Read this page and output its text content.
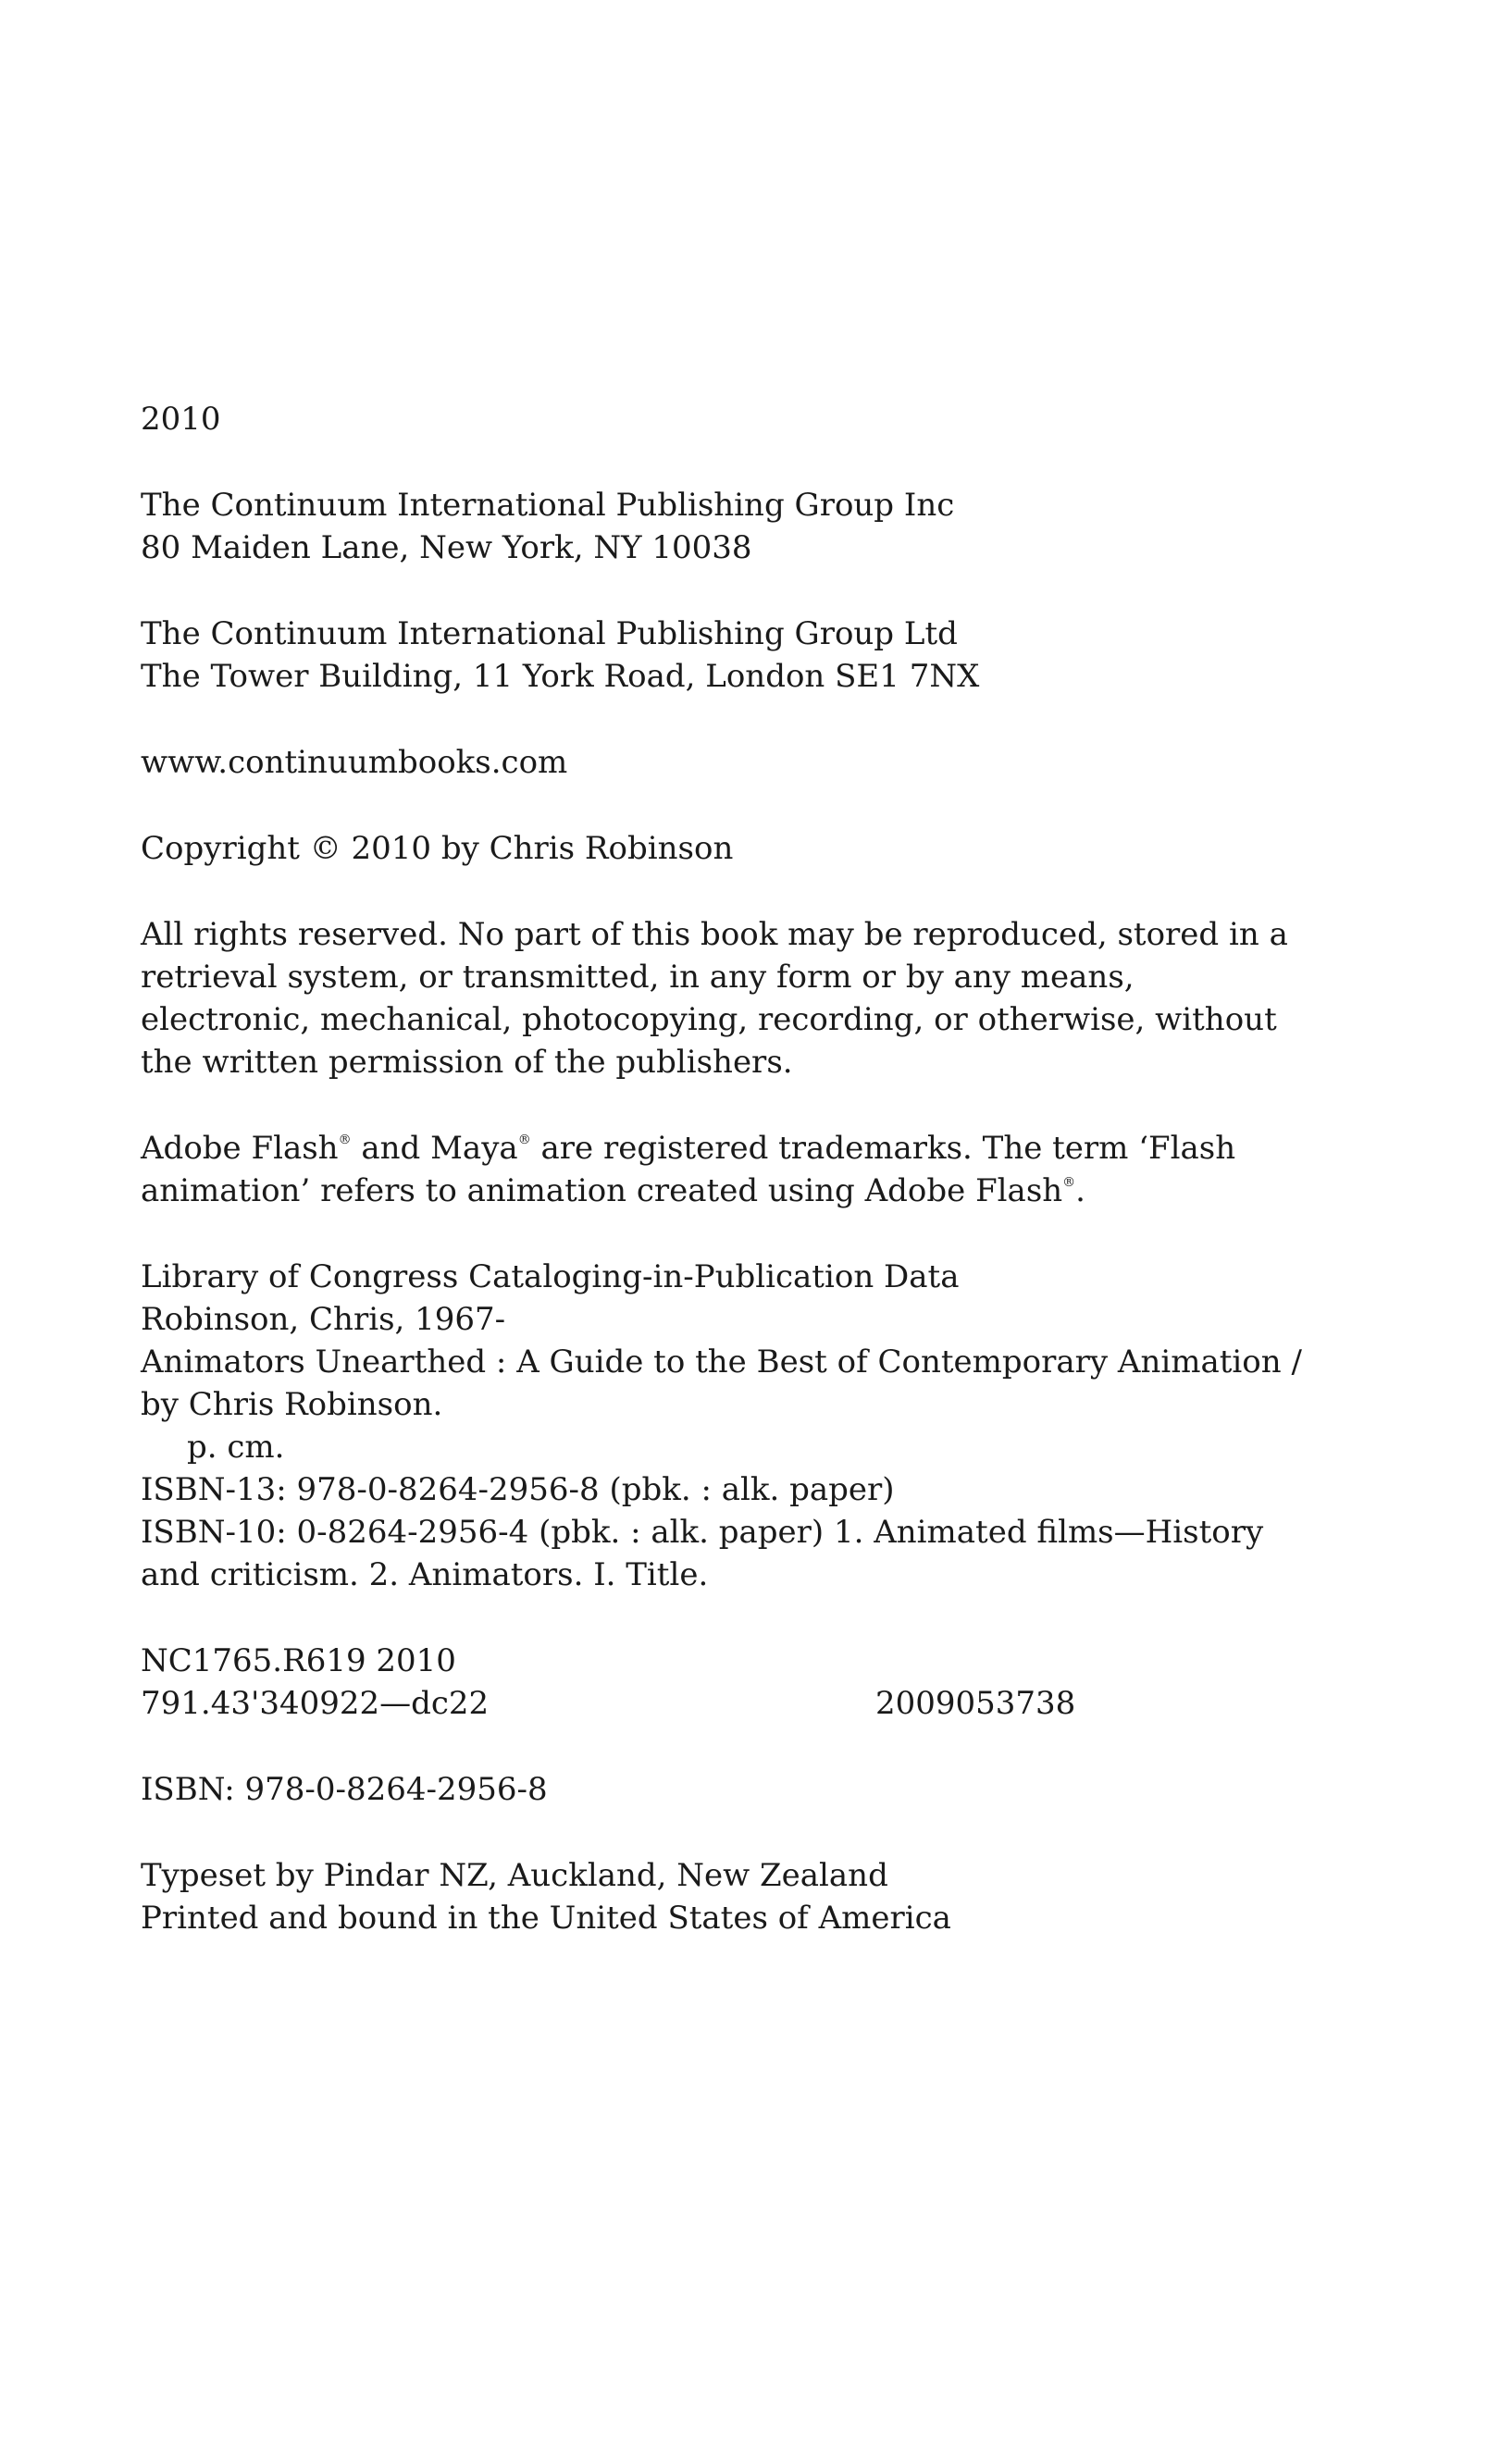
2010
The Continuum International Publishing Group Inc
80 Maiden Lane, New York, NY 10038
The Continuum International Publishing Group Ltd
The Tower Building, 11 York Road, London SE1 7NX
www.continuumbooks.com
Copyright © 2010 by Chris Robinson
All rights reserved. No part of this book may be reproduced, stored in a retrieval system, or transmitted, in any form or by any means, electronic, mechanical, photocopying, recording, or otherwise, without the written permission of the publishers.
Adobe Flash® and Maya® are registered trademarks. The term ‘Flash animation’ refers to animation created using Adobe Flash®.
Library of Congress Cataloging-in-Publication Data
Robinson, Chris, 1967-
Animators Unearthed : A Guide to the Best of Contemporary Animation / by Chris Robinson.
p. cm.
ISBN-13: 978-0-8264-2956-8 (pbk. : alk. paper)
ISBN-10: 0-8264-2956-4 (pbk. : alk. paper) 1. Animated films—History and criticism. 2. Animators. I. Title.
NC1765.R619 2010
791.43'340922—dc22	2009053738
ISBN: 978-0-8264-2956-8
Typeset by Pindar NZ, Auckland, New Zealand
Printed and bound in the United States of America
